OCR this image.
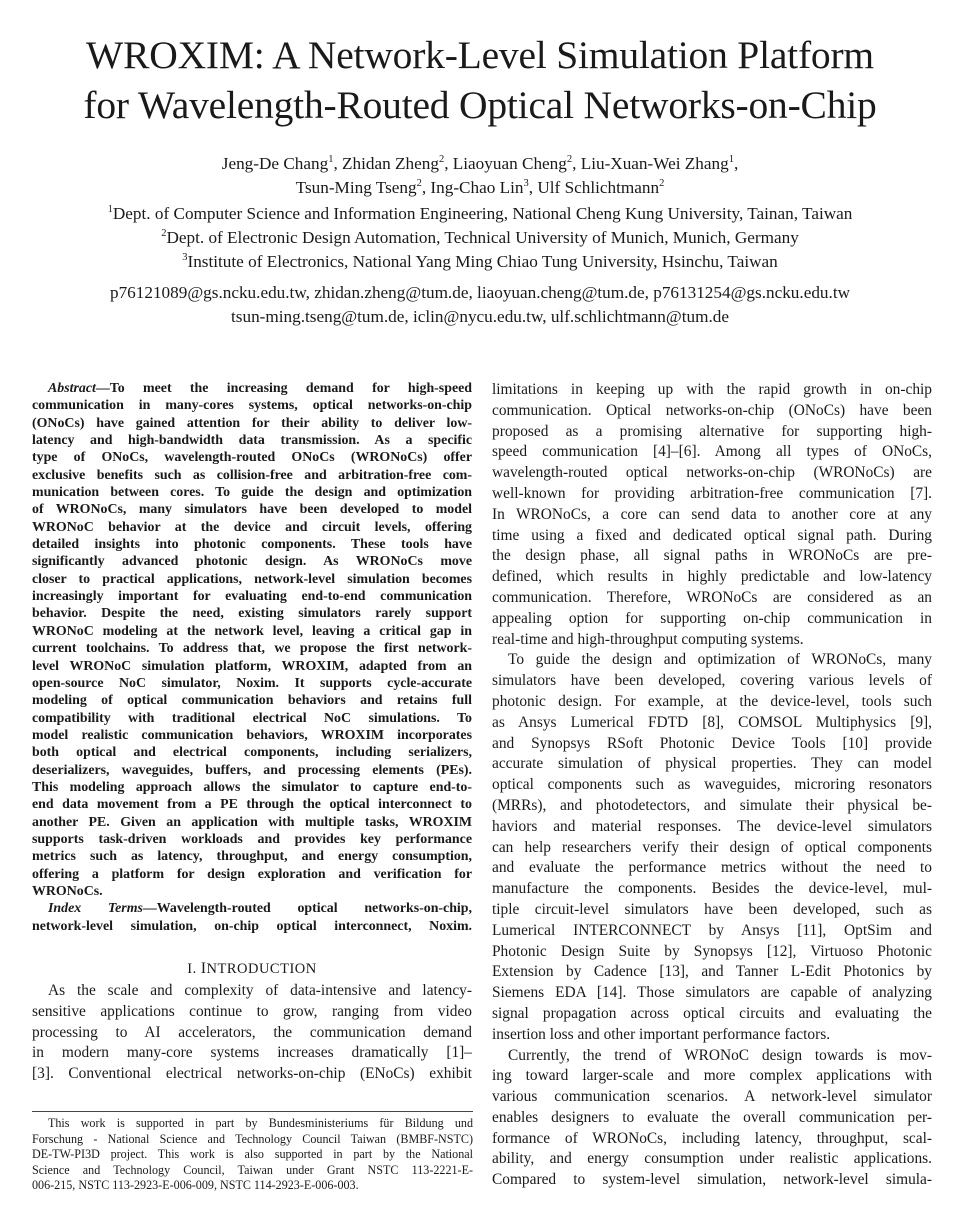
WROXIM: A Network-Level Simulation Platform
for Wavelength-Routed Optical Networks-on-Chip
Jeng-De Chang$^1$, Zhidan Zheng$^2$, Liaoyuan Cheng$^2$, Liu-Xuan-Wei Zhang$^1$,
Tsun-Ming Tseng$^2$, Ing-Chao Lin$^3$, Ulf Schlichtmann$^2$
$^1$Dept. of Computer Science and Information Engineering, National Cheng Kung University, Tainan, Taiwan
$^2$Dept. of Electronic Design Automation, Technical University of Munich, Munich, Germany
$^3$Institute of Electronics, National Yang Ming Chiao Tung University, Hsinchu, Taiwan
p76121089@gs.ncku.edu.tw, zhidan.zheng@tum.de, liaoyuan.cheng@tum.de, p76131254@gs.ncku.edu.tw
tsun-ming.tseng@tum.de, iclin@nycu.edu.tw, ulf.schlichtmann@tum.de
Abstract—To meet the increasing demand for high-speed
communication in many-cores systems, optical networks-on-chip
(ONoCs) have gained attention for their ability to deliver low-
latency and high-bandwidth data transmission. As a specific
type of ONoCs, wavelength-routed ONoCs (WRONoCs) offer
exclusive benefits such as collision-free and arbitration-free com-
munication between cores. To guide the design and optimization
of WRONoCs, many simulators have been developed to model
WRONoC behavior at the device and circuit levels, offering
detailed insights into photonic components. These tools have
significantly advanced photonic design. As WRONoCs move
closer to practical applications, network-level simulation becomes
increasingly important for evaluating end-to-end communication
behavior. Despite the need, existing simulators rarely support
WRONoC modeling at the network level, leaving a critical gap in
current toolchains. To address that, we propose the first network-
level WRONoC simulation platform, WROXIM, adapted from an
open-source NoC simulator, Noxim. It supports cycle-accurate
modeling of optical communication behaviors and retains full
compatibility with traditional electrical NoC simulations. To
model realistic communication behaviors, WROXIM incorporates
both optical and electrical components, including serializers,
deserializers, waveguides, buffers, and processing elements (PEs).
This modeling approach allows the simulator to capture end-to-
end data movement from a PE through the optical interconnect to
another PE. Given an application with multiple tasks, WROXIM
supports task-driven workloads and provides key performance
metrics such as latency, throughput, and energy consumption,
offering a platform for design exploration and verification for
WRONoCs.
Index Terms—Wavelength-routed optical networks-on-chip,
network-level simulation, on-chip optical interconnect, Noxim.
I. INTRODUCTION
As the scale and complexity of data-intensive and latency-
sensitive applications continue to grow, ranging from video
processing to AI accelerators, the communication demand
in modern many-core systems increases dramatically [1]–
[3]. Conventional electrical networks-on-chip (ENoCs) exhibit
This work is supported in part by Bundesministeriums für Bildung und
Forschung - National Science and Technology Council Taiwan (BMBF-NSTC)
DE-TW-PI3D project. This work is also supported in part by the National
Science and Technology Council, Taiwan under Grant NSTC 113-2221-E-
006-215, NSTC 113-2923-E-006-009, NSTC 114-2923-E-006-003.
limitations in keeping up with the rapid growth in on-chip
communication. Optical networks-on-chip (ONoCs) have been
proposed as a promising alternative for supporting high-
speed communication [4]–[6]. Among all types of ONoCs,
wavelength-routed optical networks-on-chip (WRONoCs) are
well-known for providing arbitration-free communication [7].
In WRONoCs, a core can send data to another core at any
time using a fixed and dedicated optical signal path. During
the design phase, all signal paths in WRONoCs are pre-
defined, which results in highly predictable and low-latency
communication. Therefore, WRONoCs are considered as an
appealing option for supporting on-chip communication in
real-time and high-throughput computing systems.
To guide the design and optimization of WRONoCs, many
simulators have been developed, covering various levels of
photonic design. For example, at the device-level, tools such
as Ansys Lumerical FDTD [8], COMSOL Multiphysics [9],
and Synopsys RSoft Photonic Device Tools [10] provide
accurate simulation of physical properties. They can model
optical components such as waveguides, microring resonators
(MRRs), and photodetectors, and simulate their physical be-
haviors and material responses. The device-level simulators
can help researchers verify their design of optical components
and evaluate the performance metrics without the need to
manufacture the components. Besides the device-level, mul-
tiple circuit-level simulators have been developed, such as
Lumerical INTERCONNECT by Ansys [11], OptSim and
Photonic Design Suite by Synopsys [12], Virtuoso Photonic
Extension by Cadence [13], and Tanner L-Edit Photonics by
Siemens EDA [14]. Those simulators are capable of analyzing
signal propagation across optical circuits and evaluating the
insertion loss and other important performance factors.
Currently, the trend of WRONoC design towards is mov-
ing toward larger-scale and more complex applications with
various communication scenarios. A network-level simulator
enables designers to evaluate the overall communication per-
formance of WRONoCs, including latency, throughput, scal-
ability, and energy consumption under realistic applications.
Compared to system-level simulation, network-level simula-
